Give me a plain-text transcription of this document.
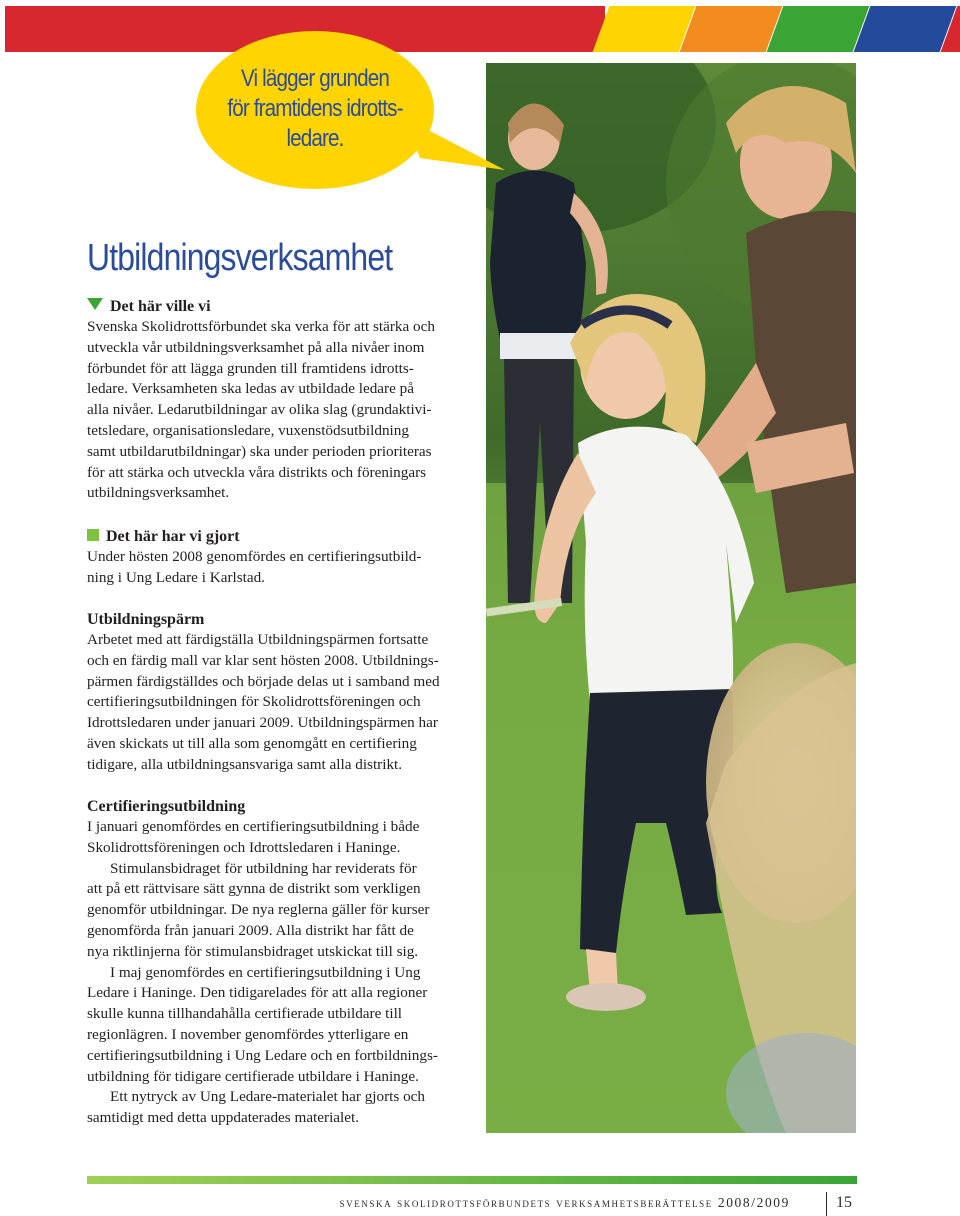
Vi lägger grunden
för framtidens idrotts-
ledare.
Utbildningsverksamhet
Det här ville vi

Svenska Skolidrottsförbundet ska verka för att stärka och

utveckla vår utbildningsverksamhet på alla nivåer inom

förbundet för att lägga grunden till framtidens idrotts-

ledare. Verksamheten ska ledas av utbildade ledare på

alla nivåer. Ledarutbildningar av olika slag (grundaktivi-

tetsledare, organisationsledare, vuxenstödsutbildning

samt utbildarutbildningar) ska under perioden prioriteras

för att stärka och utveckla våra distrikts och föreningars

utbildningsverksamhet.

Det här har vi gjort

Under hösten 2008 genomfördes en certifieringsutbild-

ning i Ung Ledare i Karlstad.

Utbildningspärm

Arbetet med att färdigställa Utbildningspärmen fortsatte

och en färdig mall var klar sent hösten 2008. Utbildnings-

pärmen färdigställdes och började delas ut i samband med

certifieringsutbildningen för Skolidrottsföreningen och

Idrottsledaren under januari 2009. Utbildningspärmen har

även skickats ut till alla som genomgått en certifiering

tidigare, alla utbildningsansvariga samt alla distrikt.

Certifieringsutbildning

I januari genomfördes en certifieringsutbildning i både

Skolidrottsföreningen och Idrottsledaren i Haninge.

Stimulansbidraget för utbildning har reviderats för

att på ett rättvisare sätt gynna de distrikt som verkligen

genomför utbildningar. De nya reglerna gäller för kurser

genomförda från januari 2009. Alla distrikt har fått de

nya riktlinjerna för stimulansbidraget utskickat till sig.

I maj genomfördes en certifieringsutbildning i Ung

Ledare i Haninge. Den tidigarelades för att alla regioner

skulle kunna tillhandahålla certifierade utbildare till

regionlägren. I november genomfördes ytterligare en

certifieringsutbildning i Ung Ledare och en fortbildnings-

utbildning för tidigare certifierade utbildare i Haninge.

Ett nytryck av Ung Ledare-materialet har gjorts och

samtidigt med detta uppdaterades materialet.

svenska skolidrottsförbundets verksamhetsberättelse 2008/2009	15
